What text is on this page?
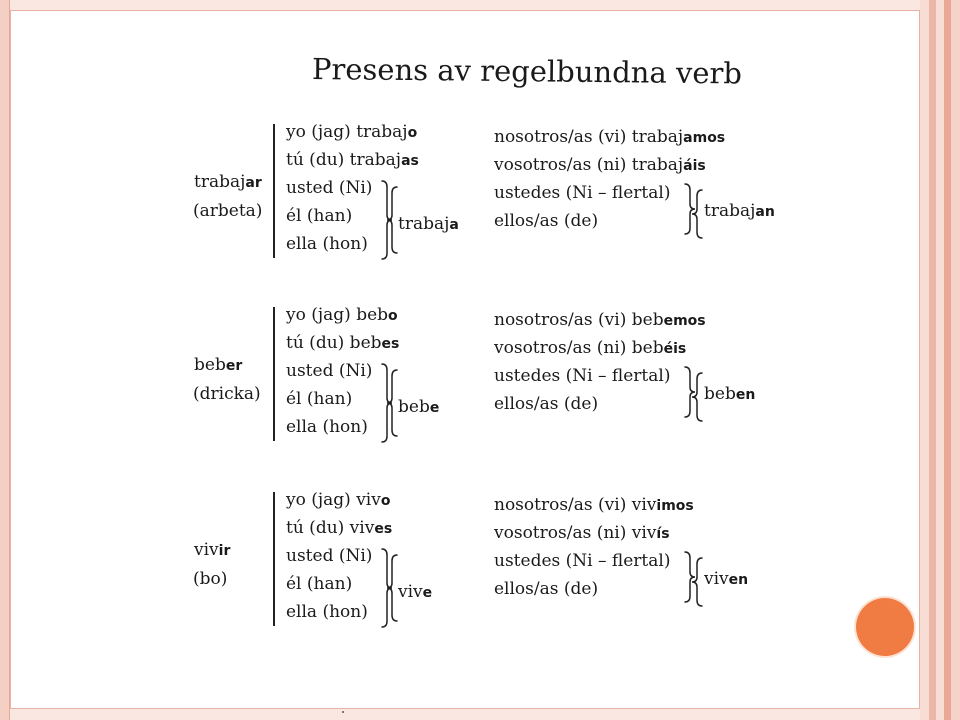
Presens av regelbundna verb
trabajar
(arbeta)
yo (jag) trabajo
tú (du) trabajas
usted (Ni)
él (han)
ella (hon)
trabaja
nosotros/as (vi) trabajamos
vosotros/as (ni) trabajáis
ustedes (Ni – flertal)
ellos/as (de)	trabajan
beber
(dricka)
yo (jag) bebo
tú (du) bebes
usted (Ni)
él (han)
ella (hon)
bebe
nosotros/as (vi) bebemos
vosotros/as (ni) bebéis
ustedes (Ni – flertal)
ellos/as (de)	beben
vivir
(bo)
yo (jag) vivo
tú (du) vives
usted (Ni)
él (han)
ella (hon)
vive
nosotros/as (vi) vivimos
vosotros/as (ni) vivís
ustedes (Ni – flertal)
ellos/as (de)	viven
